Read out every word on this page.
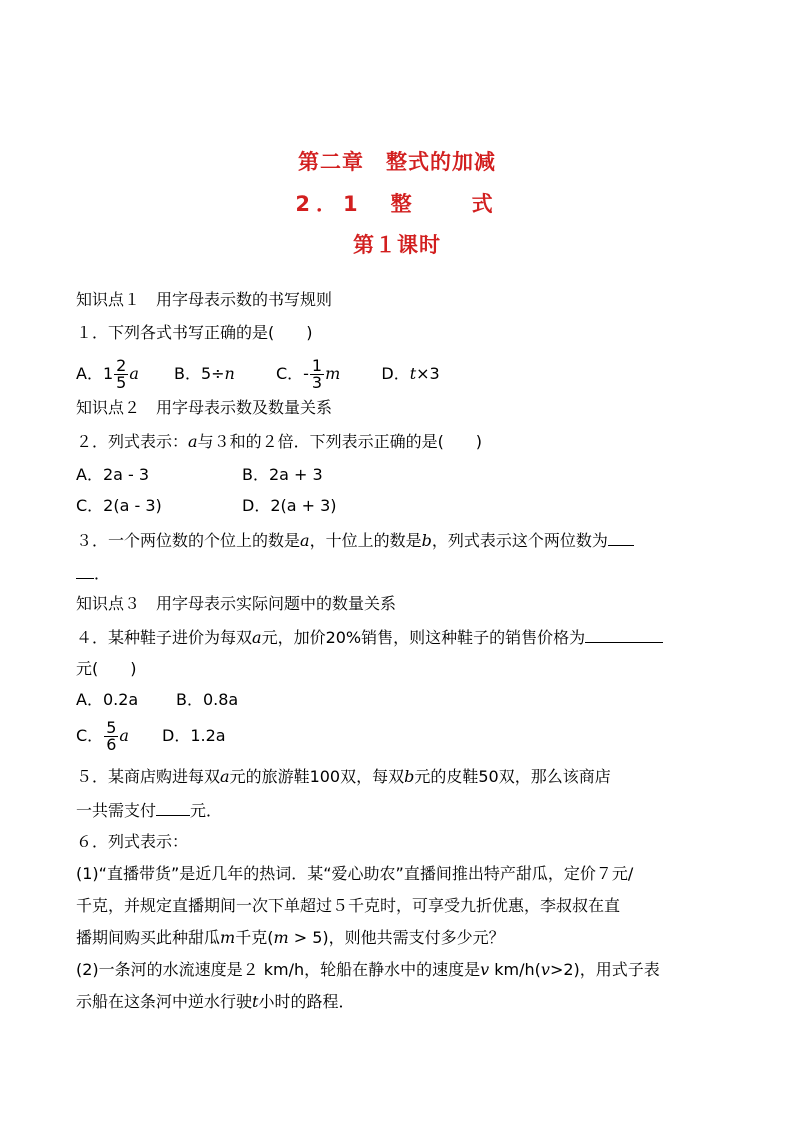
第二章　整式的加减
2．1　整　　式
第１课时
知识点１　用字母表示数的书写规则
１．下列各式书写正确的是(　　)
A．$1 \frac{2}{5}$ a B．5÷n	C．- $\frac{1}{3}$ m	D．t×3
知识点２　用字母表示数及数量关系
２．列式表示：a与３和的２倍．下列表示正确的是(　　)
A．2a - 3	B．2a + 3
C．2(a - 3)	D．2(a + 3)
３．一个两位数的个位上的数是a，十位上的数是b，列式表示这个两位数为
．
知识点３　用字母表示实际问题中的数量关系
４．某种鞋子进价为每双a元，加价20%销售，则这种鞋子的销售价格为
元(　　)
A．0.2a B．0.8a
C． $\frac{5}{6}$ a D．1.2a
５．某商店购进每双a元的旅游鞋100双，每双b元的皮鞋50双，那么该商店
一共需支付 元．
６．列式表示：
(1)“直播带货”是近几年的热词．某“爱心助农”直播间推出特产甜瓜，定价７元/
千克，并规定直播期间一次下单超过５千克时，可享受九折优惠，李叔叔在直
播期间购买此种甜瓜m千克(m > 5)，则他共需支付多少元？
(2)一条河的水流速度是２ km/h，轮船在静水中的速度是v km/h(v>2)，用式子表
示船在这条河中逆水行驶t小时的路程．
